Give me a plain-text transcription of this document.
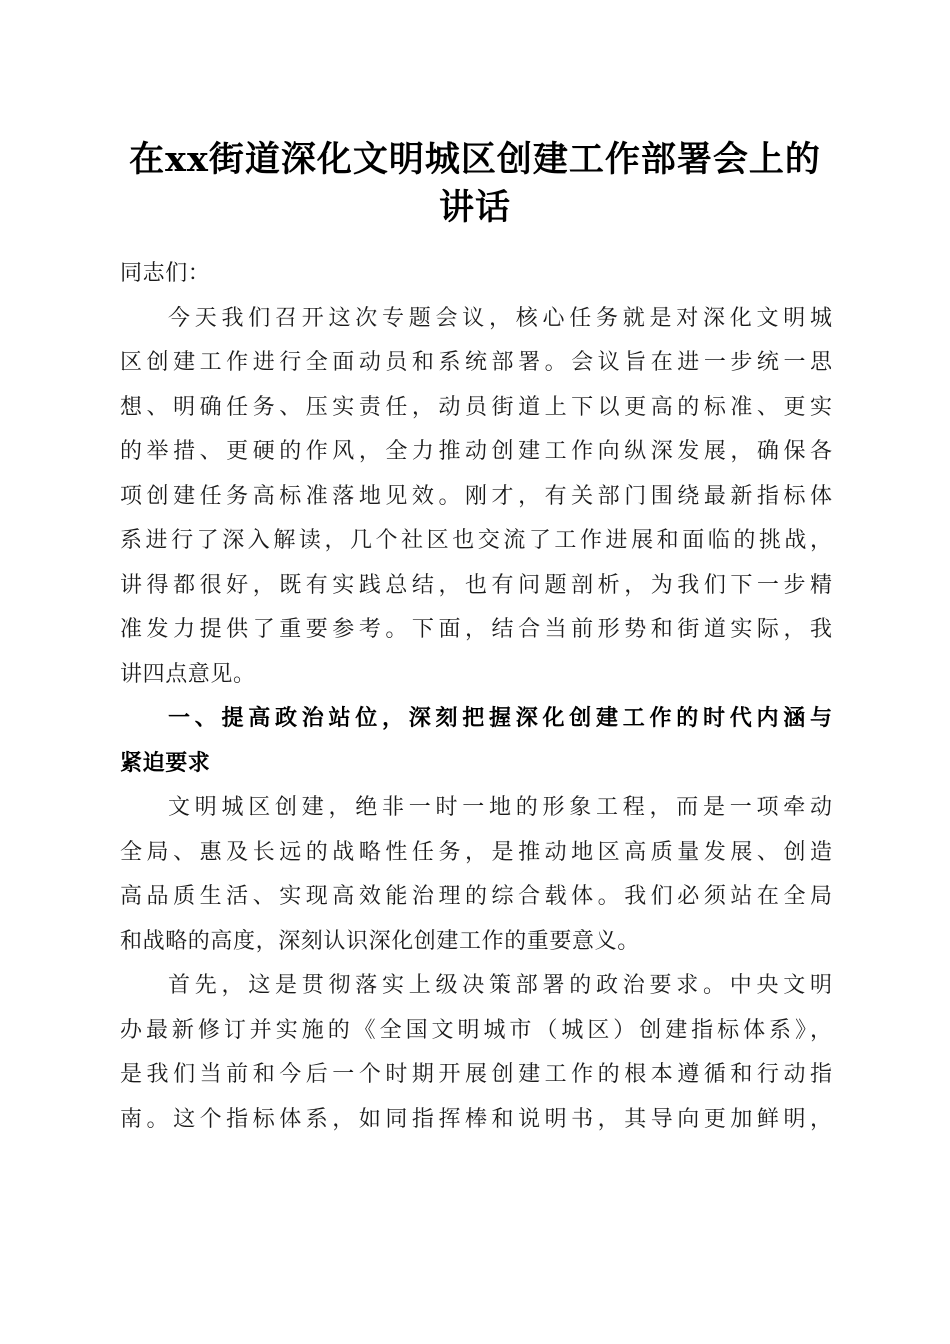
在xx街道深化文明城区创建工作部署会上的
讲话
同志们：
今天我们召开这次专题会议，核心任务就是对深化文明城
区创建工作进行全面动员和系统部署。会议旨在进一步统一思
想、明确任务、压实责任，动员街道上下以更高的标准、更实
的举措、更硬的作风，全力推动创建工作向纵深发展，确保各
项创建任务高标准落地见效。刚才，有关部门围绕最新指标体
系进行了深入解读，几个社区也交流了工作进展和面临的挑战，
讲得都很好，既有实践总结，也有问题剖析，为我们下一步精
准发力提供了重要参考。下面，结合当前形势和街道实际，我
讲四点意见。
一、提高政治站位，深刻把握深化创建工作的时代内涵与
紧迫要求
文明城区创建，绝非一时一地的形象工程，而是一项牵动
全局、惠及长远的战略性任务，是推动地区高质量发展、创造
高品质生活、实现高效能治理的综合载体。我们必须站在全局
和战略的高度，深刻认识深化创建工作的重要意义。
首先，这是贯彻落实上级决策部署的政治要求。中央文明
办最新修订并实施的《全国文明城市（城区）创建指标体系》，
是我们当前和今后一个时期开展创建工作的根本遵循和行动指
南。这个指标体系，如同指挥棒和说明书，其导向更加鲜明，
